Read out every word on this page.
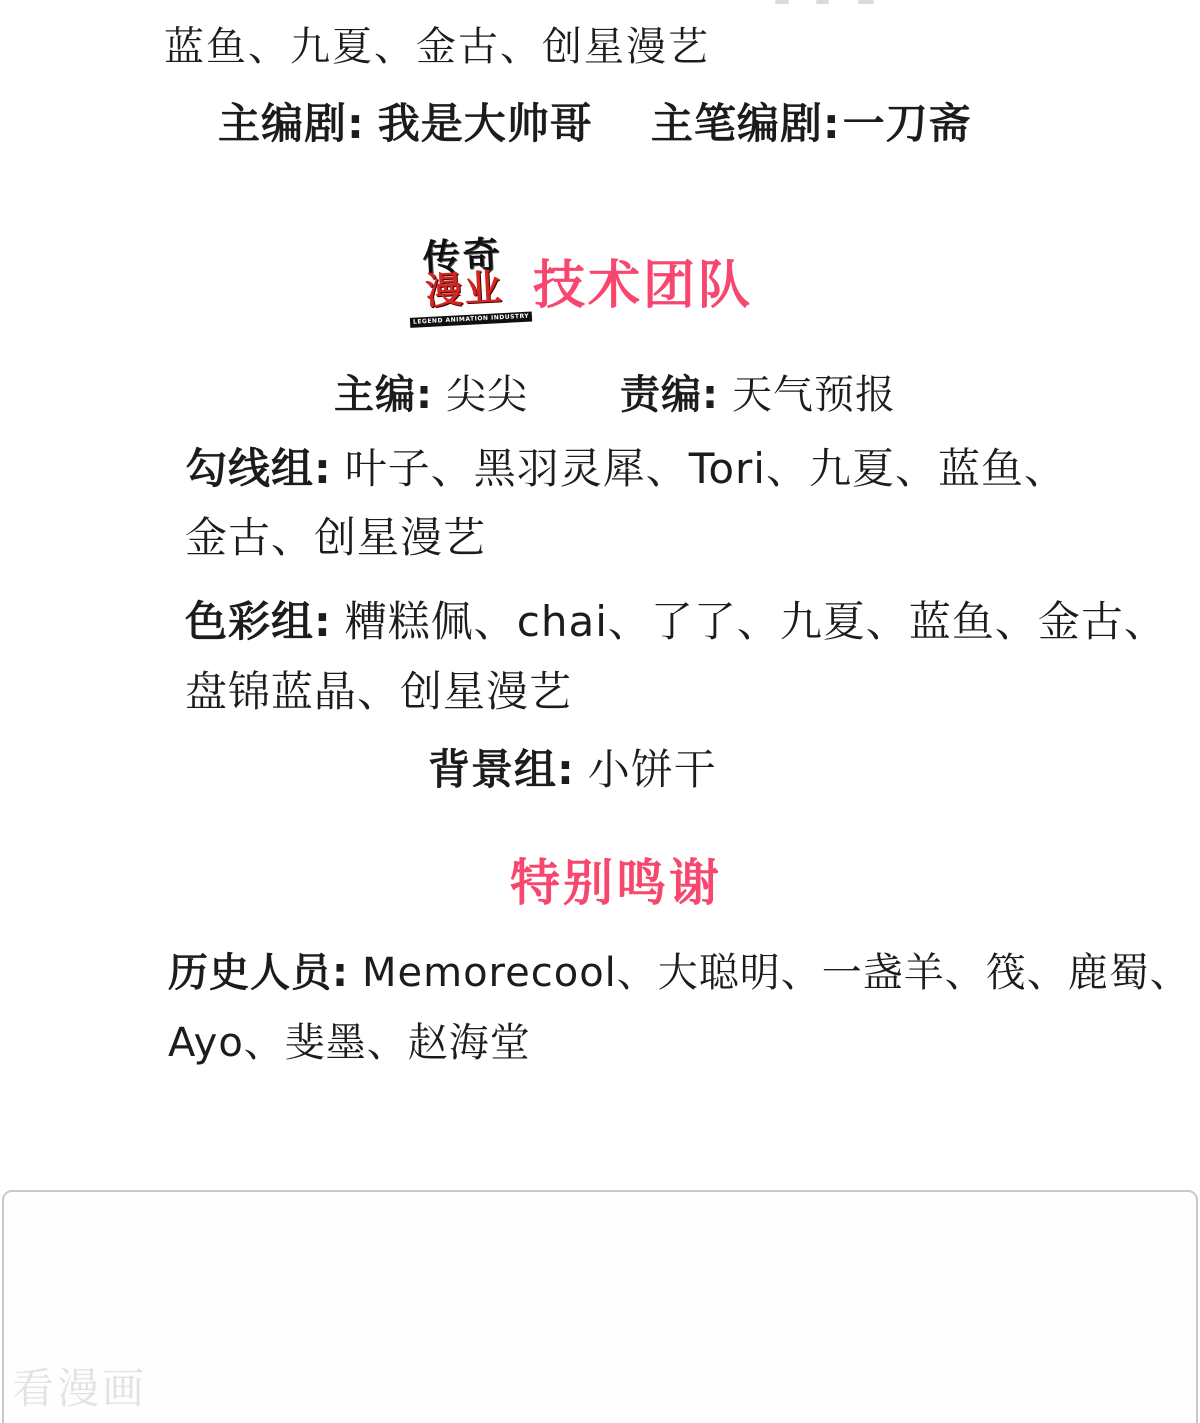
蓝鱼、九夏、金古、创星漫艺
主编剧: 我是大帅哥 主笔编剧:一刀斋
传奇
漫业
LEGEND ANIMATION INDUSTRY
技术团队
主编: 尖尖 责编: 天气预报
勾线组: 叶子、黑羽灵犀、Tori、九夏、蓝鱼、
金古、创星漫艺
色彩组: 糟糕佩、chai、了了、九夏、蓝鱼、金古、
盘锦蓝晶、创星漫艺
背景组: 小饼干
特别鸣谢
历史人员: Memorecool、大聪明、一盏羊、筏、鹿蜀、
Ayo、斐墨、赵海堂
看漫画
